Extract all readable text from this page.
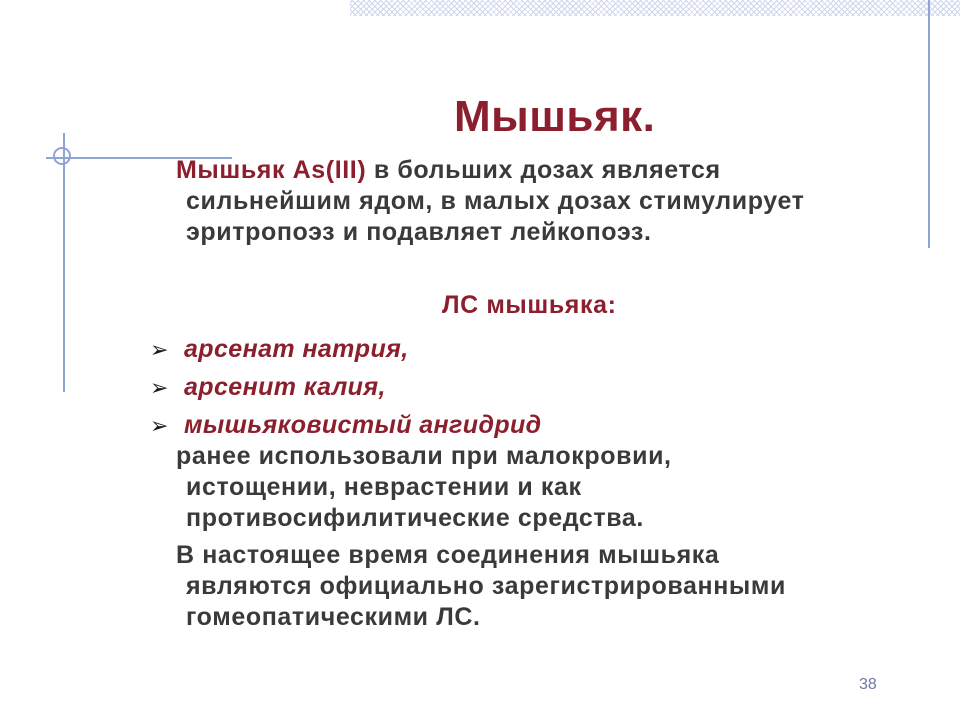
Мышьяк.
Мышьяк As(III) в больших дозах является
сильнейшим ядом, в малых дозах стимулирует
эритропоэз и подавляет лейкопоэз.
ЛС мышьяка:
➢ арсенат натрия,
➢ арсенит калия,
➢ мышьяковистый ангидрид
ранее использовали при малокровии,
истощении, неврастении и как
противосифилитические средства.
В настоящее время соединения мышьяка
являются официально зарегистрированными
гомеопатическими ЛС.
38
